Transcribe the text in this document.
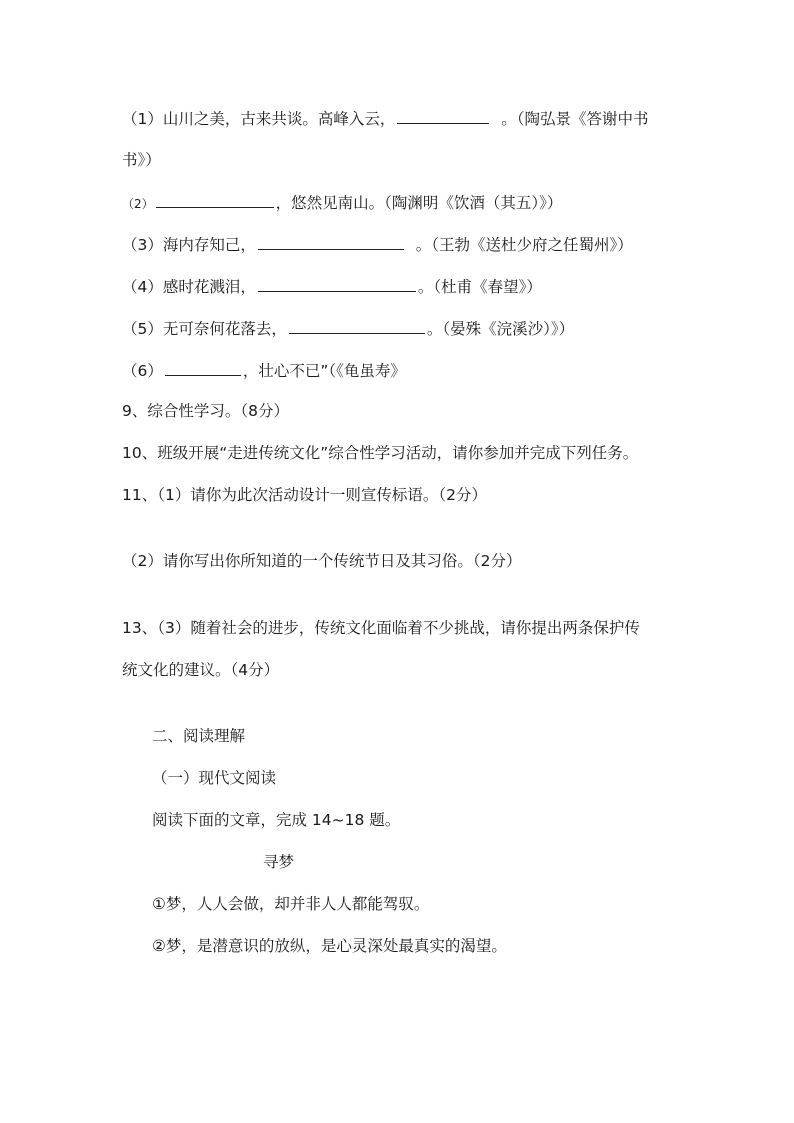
（1）山川之美，古来共谈。高峰入云，	。（陶弘景《答谢中书
书》）
（2）	，悠然见南山。（陶渊明《饮酒（其五）》）
（3）海内存知己，	。（王勃《送杜少府之任蜀州》）
（4）感时花溅泪，	。（杜甫《春望》）
（5）无可奈何花落去，	。（晏殊《浣溪沙）》）
（6）	，壮心不已”（《龟虽寿》
9、综合性学习。（8分）
10、班级开展“走进传统文化”综合性学习活动，请你参加并完成下列任务。
11、（1）请你为此次活动设计一则宣传标语。（2分）
（2）请你写出你所知道的一个传统节日及其习俗。（2分）
13、（3）随着社会的进步，传统文化面临着不少挑战，请你提出两条保护传
统文化的建议。（4分）
二、阅读理解
（一）现代文阅读
阅读下面的文章，完成 14~18 题。
寻梦
①梦，人人会做，却并非人人都能驾驭。
②梦，是潜意识的放纵，是心灵深处最真实的渴望。
